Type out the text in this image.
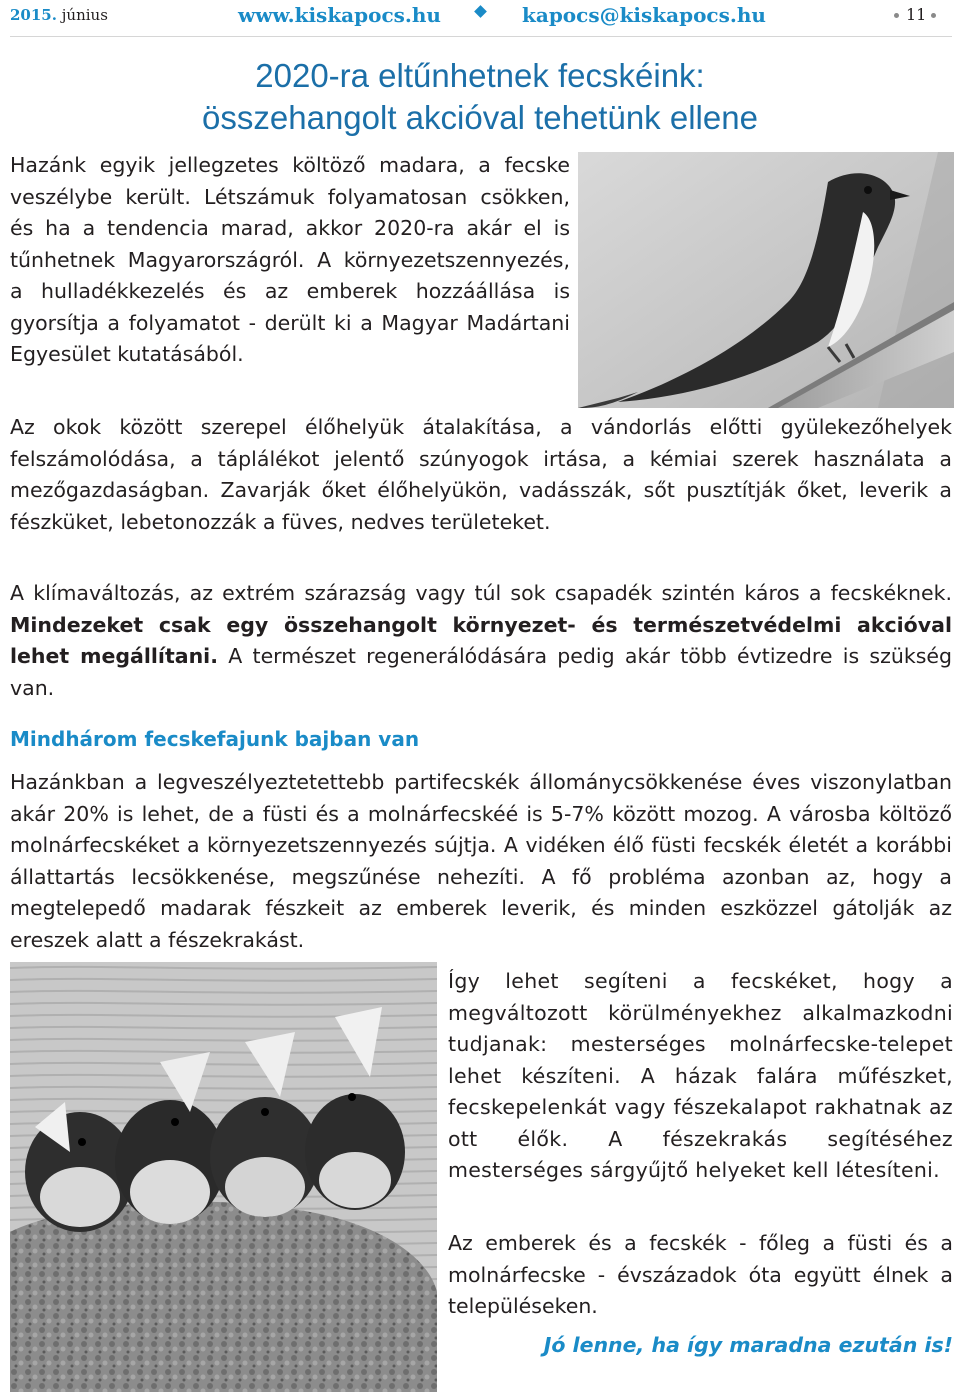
2015. június	www.kiskapocs.hu	kapocs@kiskapocs.hu	11
2020-ra eltűnhetnek fecskéink:
összehangolt akcióval tehetünk ellene

Hazánk egyik jellegzetes költöző madara, a fecske veszélybe került. Létszámuk folyamatosan csökken, és ha a tendencia marad, akkor 2020-ra akár el is tűnhetnek Magyarországról. A környezetszennyezés, a hulladékkezelés és az emberek hozzáállása is gyorsítja a folyamatot - derült ki a Magyar Madártani Egyesület kutatásából.

Az okok között szerepel élőhelyük átalakítása, a vándorlás előtti gyülekezőhelyek felszámolódása, a táplálékot jelentő szúnyogok irtása, a kémiai szerek használata a mezőgazdaságban. Zavarják őket élőhelyükön, vadásszák, sőt pusztítják őket, leverik a fészküket, lebetonozzák a füves, nedves területeket.

A klímaváltozás, az extrém szárazság vagy túl sok csapadék szintén káros a fecskéknek. Mindezeket csak egy összehangolt környezet- és természetvédelmi akcióval lehet megállítani. A természet regenerálódására pedig akár több évtizedre is szükség van.

Mindhárom fecskefajunk bajban van

Hazánkban a legveszélyeztetettebb partifecskék állománycsökkenése éves viszonylatban akár 20% is lehet, de a füsti és a molnárfecskéé is 5-7% között mozog. A városba költöző molnárfecskéket a környezetszennyezés sújtja. A vidéken élő füsti fecskék életét a korábbi állattartás lecsökkenése, megszűnése nehezíti. A fő probléma azonban az, hogy a megtelepedő madarak fészkeit az emberek leverik, és minden eszközzel gátolják az ereszek alatt a fészekrakást.

Így lehet segíteni a fecskéket, hogy a megváltozott körülményekhez alkalmazkodni tudjanak: mesterséges molnárfecske-telepet lehet készíteni. A házak falára műfészket, fecskepelenkát vagy fészekalapot rakhatnak az ott élők. A fészekrakás segítéséhez mesterséges sárgyűjtő helyeket kell létesíteni.

Az emberek és a fecskék - főleg a füsti és a molnárfecske - évszázadok óta együtt élnek a településeken.

Jó lenne, ha így maradna ezután is!
